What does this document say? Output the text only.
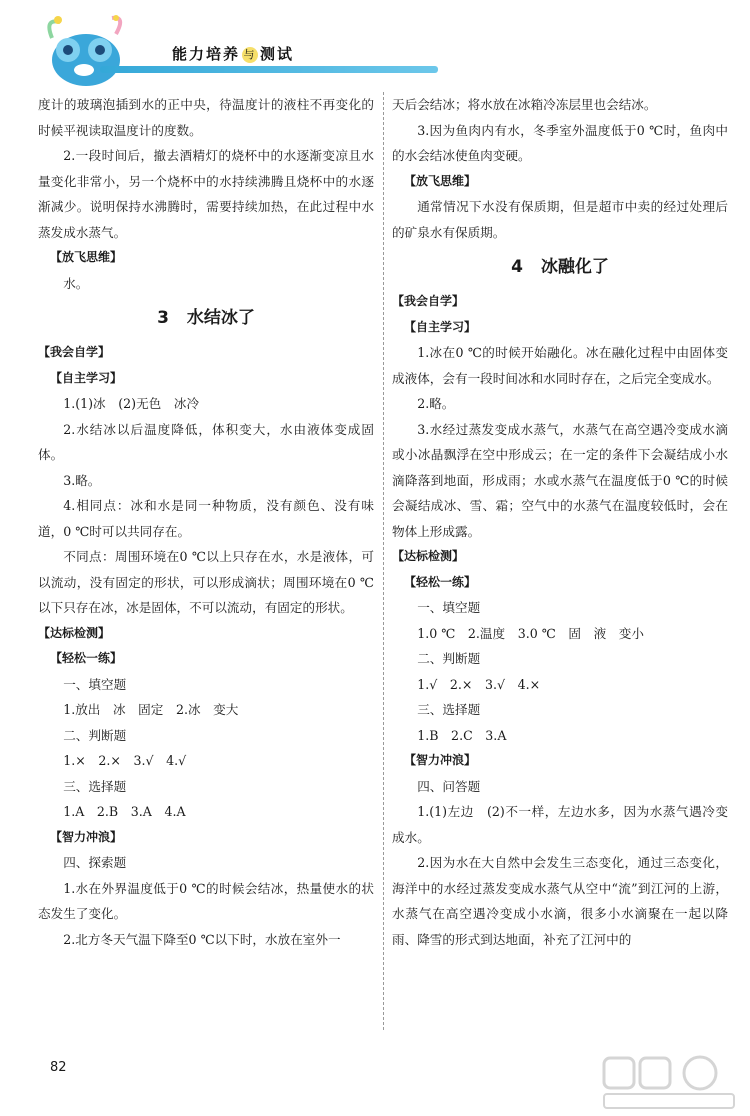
能力培养 与 测试

度计的玻璃泡插到水的正中央，待温度计的液柱不再变化的时候平视读取温度计的度数。

2.一段时间后，撤去酒精灯的烧杯中的水逐渐变凉且水量变化非常小，另一个烧杯中的水持续沸腾且烧杯中的水逐渐减少。说明保持水沸腾时，需要持续加热，在此过程中水蒸发成水蒸气。

【放飞思维】

水。

3 水结冰了

【我会自学】

【自主学习】

1.(1)冰　(2)无色　冰冷

2.水结冰以后温度降低，体积变大，水由液体变成固体。

3.略。

4.相同点：冰和水是同一种物质，没有颜色、没有味道，0 ℃时可以共同存在。

不同点：周围环境在0 ℃以上只存在水，水是液体，可以流动，没有固定的形状，可以形成滴状；周围环境在0 ℃以下只存在冰，冰是固体，不可以流动，有固定的形状。

【达标检测】

【轻松一练】

一、填空题

1.放出　冰　固定　2.冰　变大

二、判断题

1.×　2.×　3.√　4.√

三、选择题

1.A　2.B　3.A　4.A

【智力冲浪】

四、探索题

1.水在外界温度低于0 ℃的时候会结冰，热量使水的状态发生了变化。

2.北方冬天气温下降至0 ℃以下时，水放在室外一

天后会结冰；将水放在冰箱冷冻层里也会结冰。

3.因为鱼肉内有水，冬季室外温度低于0 ℃时，鱼肉中的水会结冰使鱼肉变硬。

【放飞思维】

通常情况下水没有保质期，但是超市中卖的经过处理后的矿泉水有保质期。

4 冰融化了

【我会自学】

【自主学习】

1.冰在0 ℃的时候开始融化。冰在融化过程中由固体变成液体，会有一段时间冰和水同时存在，之后完全变成水。

2.略。

3.水经过蒸发变成水蒸气，水蒸气在高空遇冷变成水滴或小冰晶飘浮在空中形成云；在一定的条件下会凝结成小水滴降落到地面，形成雨；水或水蒸气在温度低于0 ℃的时候会凝结成冰、雪、霜；空气中的水蒸气在温度较低时，会在物体上形成露。

【达标检测】

【轻松一练】

一、填空题

1.0 ℃　2.温度　3.0 ℃　固　液　变小

二、判断题

1.√　2.×　3.√　4.×

三、选择题

1.B　2.C　3.A

【智力冲浪】

四、问答题

1.(1)左边　(2)不一样，左边水多，因为水蒸气遇冷变成水。

2.因为水在大自然中会发生三态变化，通过三态变化，海洋中的水经过蒸发变成水蒸气从空中“流”到江河的上游，水蒸气在高空遇冷变成小水滴，很多小水滴聚在一起以降雨、降雪的形式到达地面，补充了江河中的

82
